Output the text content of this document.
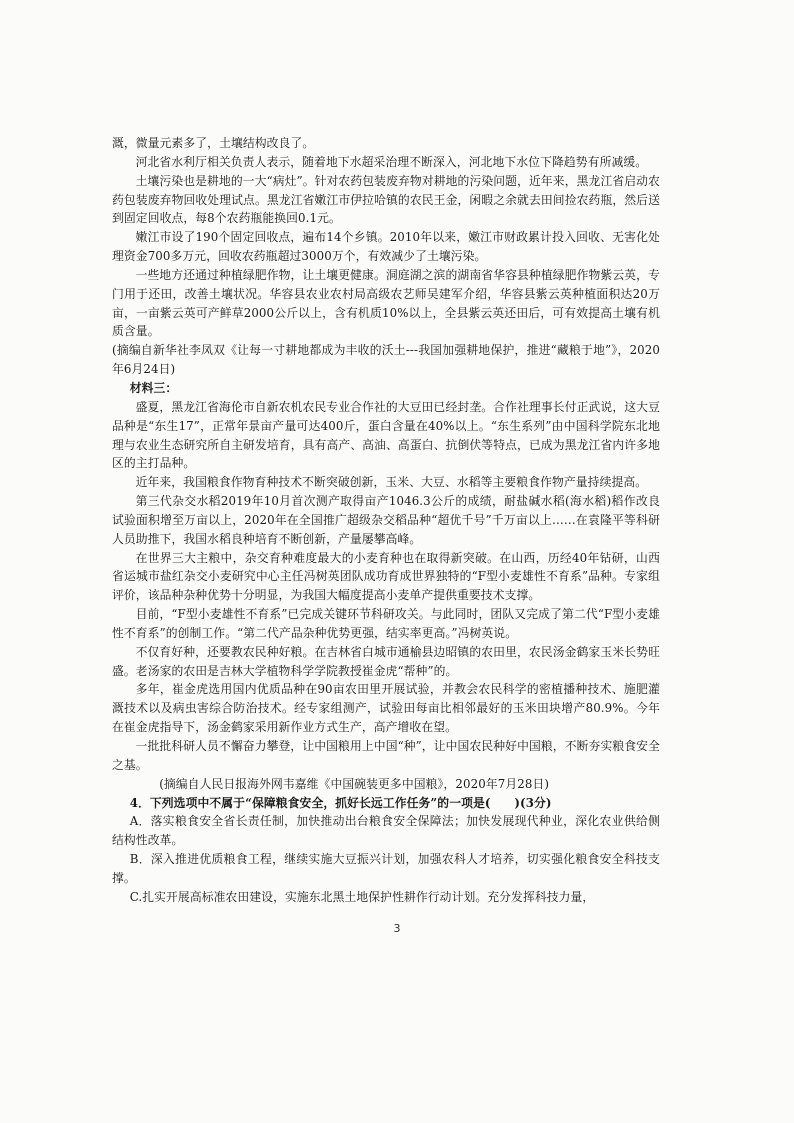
溉，微量元素多了，土壤结构改良了。

河北省水利厅相关负责人表示，随着地下水超采治理不断深入，河北地下水位下降趋势有所减缓。

土壤污染也是耕地的一大“病灶”。针对农药包装废弃物对耕地的污染问题，近年来，黑龙江省启动农药包装废弃物回收处理试点。黑龙江省嫩江市伊拉哈镇的农民王金，闲暇之余就去田间捡农药瓶，然后送到固定回收点，每8个农药瓶能换回0.1元。

嫩江市设了190个固定回收点，遍布14个乡镇。2010年以来，嫩江市财政累计投入回收、无害化处理资金700多万元，回收农药瓶超过3000万个，有效减少了土壤污染。

一些地方还通过种植绿肥作物，让土壤更健康。洞庭湖之滨的湖南省华容县种植绿肥作物紫云英，专门用于还田，改善土壤状况。华容县农业农村局高级农艺师吴建军介绍，华容县紫云英种植面积达20万亩，一亩紫云英可产鲜草2000公斤以上，含有机质10%以上，全县紫云英还田后，可有效提高土壤有机质含量。

(摘编自新华社李凤双《让每一寸耕地都成为丰收的沃土---我国加强耕地保护，推进“藏粮于地”》，2020年6月24日)

材料三：

盛夏，黑龙江省海伦市自新农机农民专业合作社的大豆田已经封垄。合作社理事长付正武说，这大豆品种是“东生17”，正常年景亩产量可达400斤，蛋白含量在40%以上。“东生系列”由中国科学院东北地理与农业生态研究所自主研发培育，具有高产、高油、高蛋白、抗倒伏等特点，已成为黑龙江省内许多地区的主打品种。

近年来，我国粮食作物育种技术不断突破创新，玉米、大豆、水稻等主要粮食作物产量持续提高。

第三代杂交水稻2019年10月首次测产取得亩产1046.3公斤的成绩，耐盐碱水稻(海水稻)稻作改良试验面积增至万亩以上，2020年在全国推广超级杂交稻品种“超优千号”千万亩以上……在袁隆平等科研人员助推下，我国水稻良种培育不断创新，产量屡攀高峰。

在世界三大主粮中，杂交育种难度最大的小麦育种也在取得新突破。在山西，历经40年钻研，山西省运城市盐红杂交小麦研究中心主任冯树英团队成功育成世界独特的“F型小麦雄性不育系”品种。专家组评价，该品种杂种优势十分明显，为我国大幅度提高小麦单产提供重要技术支撑。

目前，“F型小麦雄性不育系”已完成关键环节科研攻关。与此同时，团队又完成了第二代“F型小麦雄性不育系”的创制工作。“第二代产品杂种优势更强，结实率更高。”冯树英说。

不仅育好种，还要教农民种好粮。在吉林省白城市通榆县边昭镇的农田里，农民汤金鹤家玉米长势旺盛。老汤家的农田是吉林大学植物科学学院教授崔金虎“帮种”的。

多年，崔金虎选用国内优质品种在90亩农田里开展试验，并教会农民科学的密植播种技术、施肥灌溉技术以及病虫害综合防治技术。经专家组测产，试验田每亩比相邻最好的玉米田块增产80.9%。今年在崔金虎指导下，汤金鹤家采用新作业方式生产，高产增收在望。

一批批科研人员不懈奋力攀登，让中国粮用上中国“种”，让中国农民种好中国粮，不断夯实粮食安全之基。

(摘编自人民日报海外网韦嘉维《中国碗装更多中国粮》，2020年7月28日)

4．下列选项中不属于“保障粮食安全，抓好长远工作任务”的一项是(　　)(3分)

A．落实粮食安全省长责任制，加快推动出台粮食安全保障法；加快发展现代种业，深化农业供给侧结构性改革。

B．深入推进优质粮食工程，继续实施大豆振兴计划，加强农科人才培养，切实强化粮食安全科技支撑。

C.扎实开展高标准农田建设，实施东北黑土地保护性耕作行动计划。充分发挥科技力量，

3
